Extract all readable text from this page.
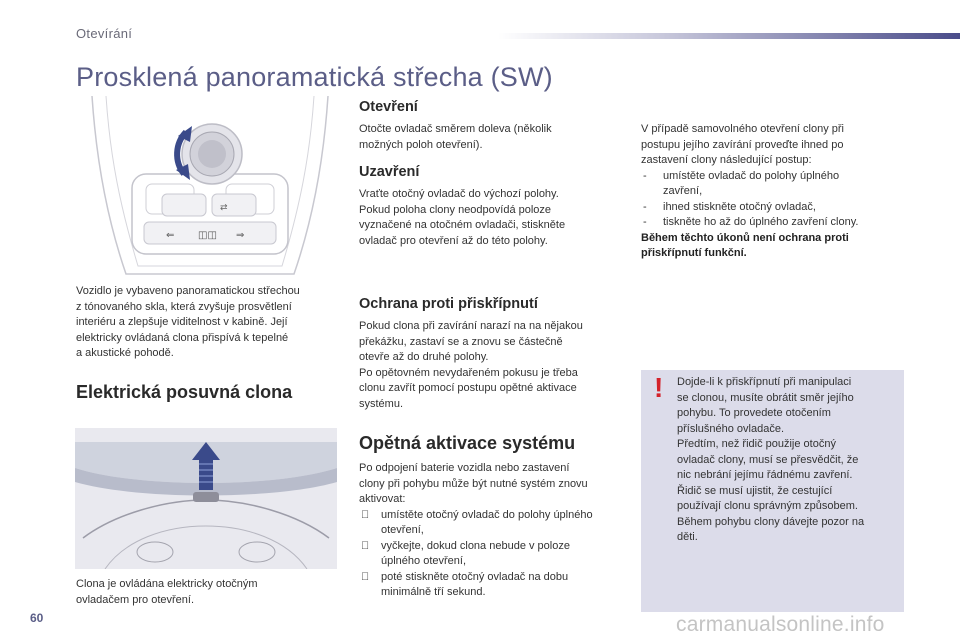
Otevírání
Prosklená panoramatická střecha (SW)
⇐ ◫◫ ⇒
⇄
Vozidlo je vybaveno panoramatickou střechou
z tónovaného skla, která zvyšuje prosvětlení
interiéru a zlepšuje viditelnost v kabině. Její
elektricky ovládaná clona přispívá k tepelné
a akustické pohodě.
Elektrická posuvná clona
Clona je ovládána elektricky otočným
ovladačem pro otevření.
Otevření
Otočte ovladač směrem doleva (několik
možných poloh otevření).
Uzavření
Vraťte otočný ovladač do výchozí polohy.
Pokud poloha clony neodpovídá poloze
vyznačené na otočném ovladači, stiskněte
ovladač pro otevření až do této polohy.
Ochrana proti přiskřípnutí
Pokud clona při zavírání narazí na na nějakou
překážku, zastaví se a znovu se částečně
otevře až do druhé polohy.
Po opětovném nevydařeném pokusu je třeba
clonu zavřít pomocí postupu opětné aktivace
systému.
Opětná aktivace systému
Po odpojení baterie vozidla nebo zastavení
clony při pohybu může být nutné systém znovu
aktivovat:
umístěte otočný ovladač do polohy úplného
otevření,
vyčkejte, dokud clona nebude v poloze
úplného otevření,
poté stiskněte otočný ovladač na dobu
minimálně tří sekund.
V případě samovolného otevření clony při
postupu jejího zavírání proveďte ihned po
zastavení clony následující postup:
- umístěte ovladač do polohy úplného
zavření,
- ihned stiskněte otočný ovladač,
- tiskněte ho až do úplného zavření clony.
Během těchto úkonů není ochrana proti
přiskřípnutí funkční.
! Dojde-li k přiskřípnutí při manipulaci
se clonou, musíte obrátit směr jejího
pohybu. To provedete otočením
příslušného ovladače.
Předtím, než řidič použije otočný
ovladač clony, musí se přesvědčit, že
nic nebrání jejímu řádnému zavření.
Řidič se musí ujistit, že cestující
používají clonu správným způsobem.
Během pohybu clony dávejte pozor na
děti.
60	carmanualsonline.info
